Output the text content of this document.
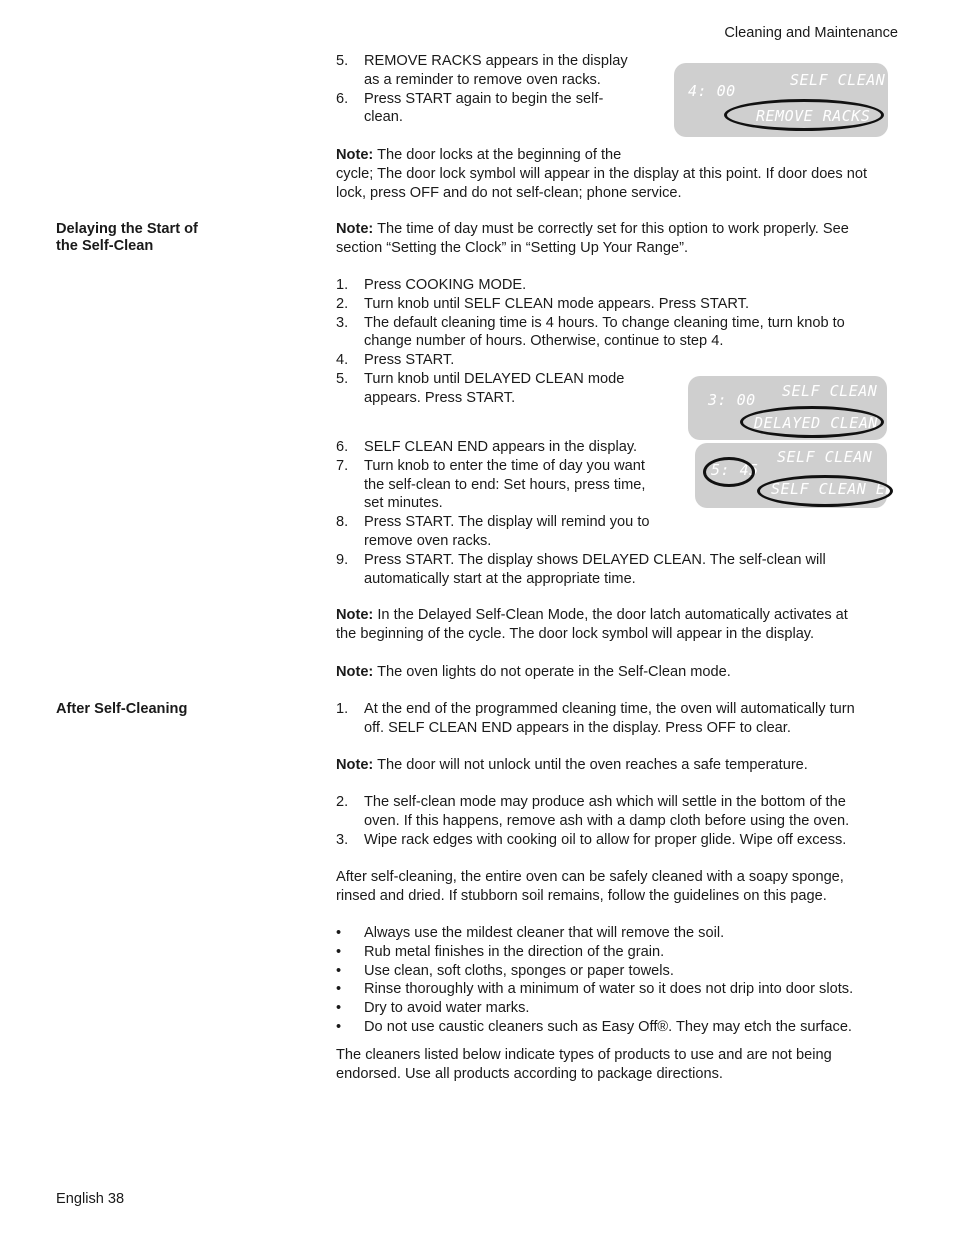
Cleaning and Maintenance
5. REMOVE RACKS appears in the display
as a reminder to remove oven racks.
6. Press START again to begin the self-
clean.
4: 00
SELF CLEAN
REMOVE RACKS
Note: The door locks at the beginning of the
cycle; The door lock symbol will appear in the display at this point. If door does not
lock, press OFF and do not self-clean; phone service.
Delaying the Start of
the Self-Clean
Note: The time of day must be correctly set for this option to work properly. See
section “Setting the Clock” in “Setting Up Your Range”.
1. Press COOKING MODE.
2. Turn knob until SELF CLEAN mode appears. Press START.
3. The default cleaning time is 4 hours. To change cleaning time, turn knob to
change number of hours. Otherwise, continue to step 4.
4. Press START.
5. Turn knob until DELAYED CLEAN mode
appears. Press START.	3: 00 SELF CLEAN
DELAYED CLEAN
6. SELF CLEAN END appears in the display.
7. Turn knob to enter the time of day you want
the self-clean to end: Set hours, press time,
set minutes.
8. Press START. The display will remind you to
remove oven racks.
9. Press START. The display shows DELAYED CLEAN. The self-clean will
automatically start at the appropriate time.
5: 45
SELF CLEAN
SELF CLEAN END
Note: In the Delayed Self-Clean Mode, the door latch automatically activates at
the beginning of the cycle. The door lock symbol will appear in the display.
Note: The oven lights do not operate in the Self-Clean mode.
After Self-Cleaning	1. At the end of the programmed cleaning time, the oven will automatically turn
off. SELF CLEAN END appears in the display. Press OFF to clear.
Note: The door will not unlock until the oven reaches a safe temperature.
2. The self-clean mode may produce ash which will settle in the bottom of the
oven. If this happens, remove ash with a damp cloth before using the oven.
3. Wipe rack edges with cooking oil to allow for proper glide. Wipe off excess.
After self-cleaning, the entire oven can be safely cleaned with a soapy sponge,
rinsed and dried. If stubborn soil remains, follow the guidelines on this page.
• Always use the mildest cleaner that will remove the soil.
• Rub metal finishes in the direction of the grain.
• Use clean, soft cloths, sponges or paper towels.
• Rinse thoroughly with a minimum of water so it does not drip into door slots.
• Dry to avoid water marks.
• Do not use caustic cleaners such as Easy Off®. They may etch the surface.
The cleaners listed below indicate types of products to use and are not being
endorsed. Use all products according to package directions.
English 38
